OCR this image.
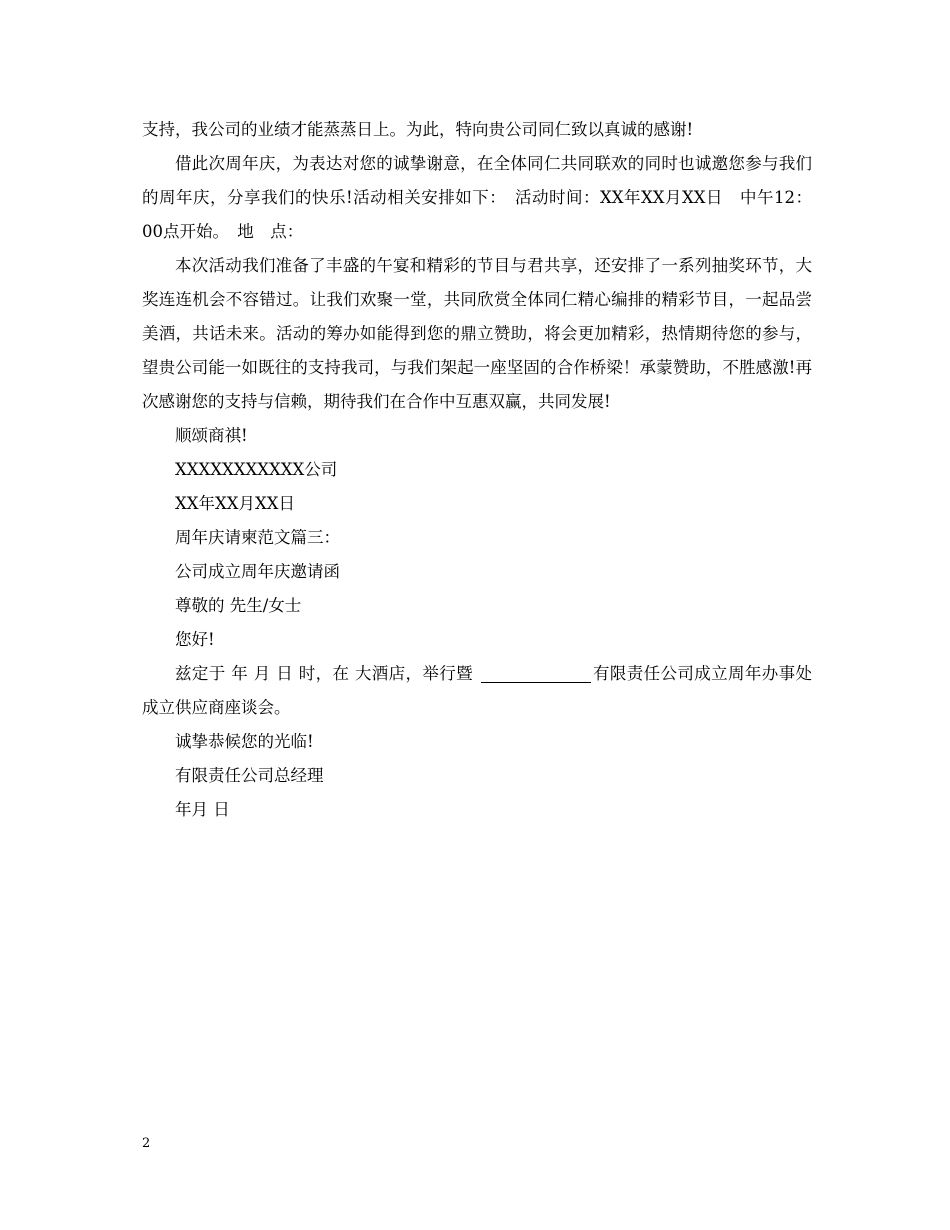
支持，我公司的业绩才能蒸蒸日上。为此，特向贵公司同仁致以真诚的感谢!

借此次周年庆，为表达对您的诚挚谢意，在全体同仁共同联欢的同时也诚邀您参与我们的周年庆，分享我们的快乐!活动相关安排如下：　活动时间：XX年XX月XX日　中午12：00点开始。　地　点：

本次活动我们准备了丰盛的午宴和精彩的节目与君共享，还安排了一系列抽奖环节，大奖连连机会不容错过。让我们欢聚一堂，共同欣赏全体同仁精心编排的精彩节目，一起品尝美酒，共话未来。活动的筹办如能得到您的鼎立赞助，将会更加精彩，热情期待您的参与，望贵公司能一如既往的支持我司，与我们架起一座坚固的合作桥梁！承蒙赞助，不胜感激!再次感谢您的支持与信赖，期待我们在合作中互惠双赢，共同发展!

顺颂商祺!

XXXXXXXXXXX公司

XX年XX月XX日

周年庆请柬范文篇三：

公司成立周年庆邀请函

尊敬的 先生/女士

您好!

兹定于 年 月 日 时，在 大酒店，举行暨	有限责任公司成立周年办事处成立供应商座谈会。

诚挚恭候您的光临!

有限责任公司总经理

年月 日

2
